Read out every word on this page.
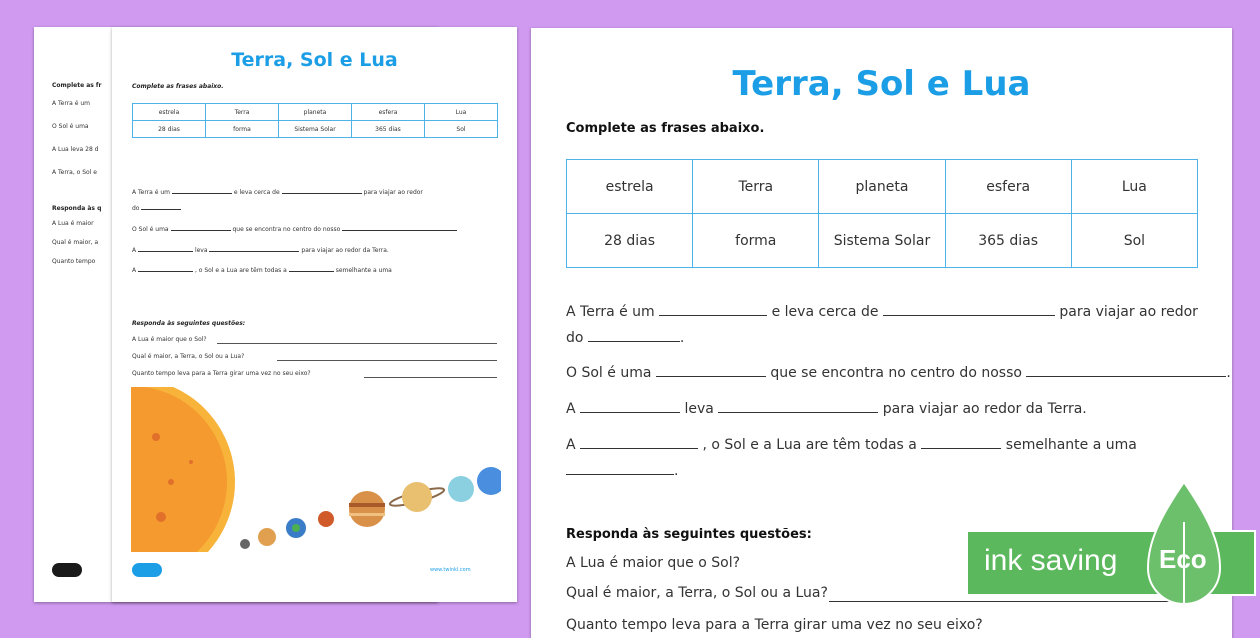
Complete as fr
A Terra é um
O Sol é uma
A Lua leva 28 d
A Terra, o Sol e
Responda às q
A Lua é maior
Qual é maior, a
Quanto tempo
Terra, Sol e Lua
Complete as frases abaixo.
estrela	Terra	planeta	esfera	Lua
28 dias	forma	Sistema Solar	365 dias	Sol
A Terra é um	e leva cerca de	para viajar ao redor
do
O Sol é uma	que se encontra no centro do nosso
A	leva	para viajar ao redor da Terra.
A	, o Sol e a Lua are têm todas a	semelhante a uma
Responda às seguintes questões:
A Lua é maior que o Sol?
Qual é maior, a Terra, o Sol ou a Lua?
Quanto tempo leva para a Terra girar uma vez no seu eixo?
www.twinkl.com
Terra, Sol e Lua
Complete as frases abaixo.
estrela	Terra	planeta	esfera	Lua
28 dias	forma	Sistema Solar	365 dias	Sol
A Terra é um	e leva cerca de	para viajar ao redor
do	.
O Sol é uma	que se encontra no centro do nosso	.
A	leva	para viajar ao redor da Terra.
A	, o Sol e a Lua are têm todas a	semelhante a uma
.
Responda às seguintes questões:
A Lua é maior que o Sol?
Qual é maior, a Terra, o Sol ou a Lua?
Quanto tempo leva para a Terra girar uma vez no seu eixo?
ink saving Eco
